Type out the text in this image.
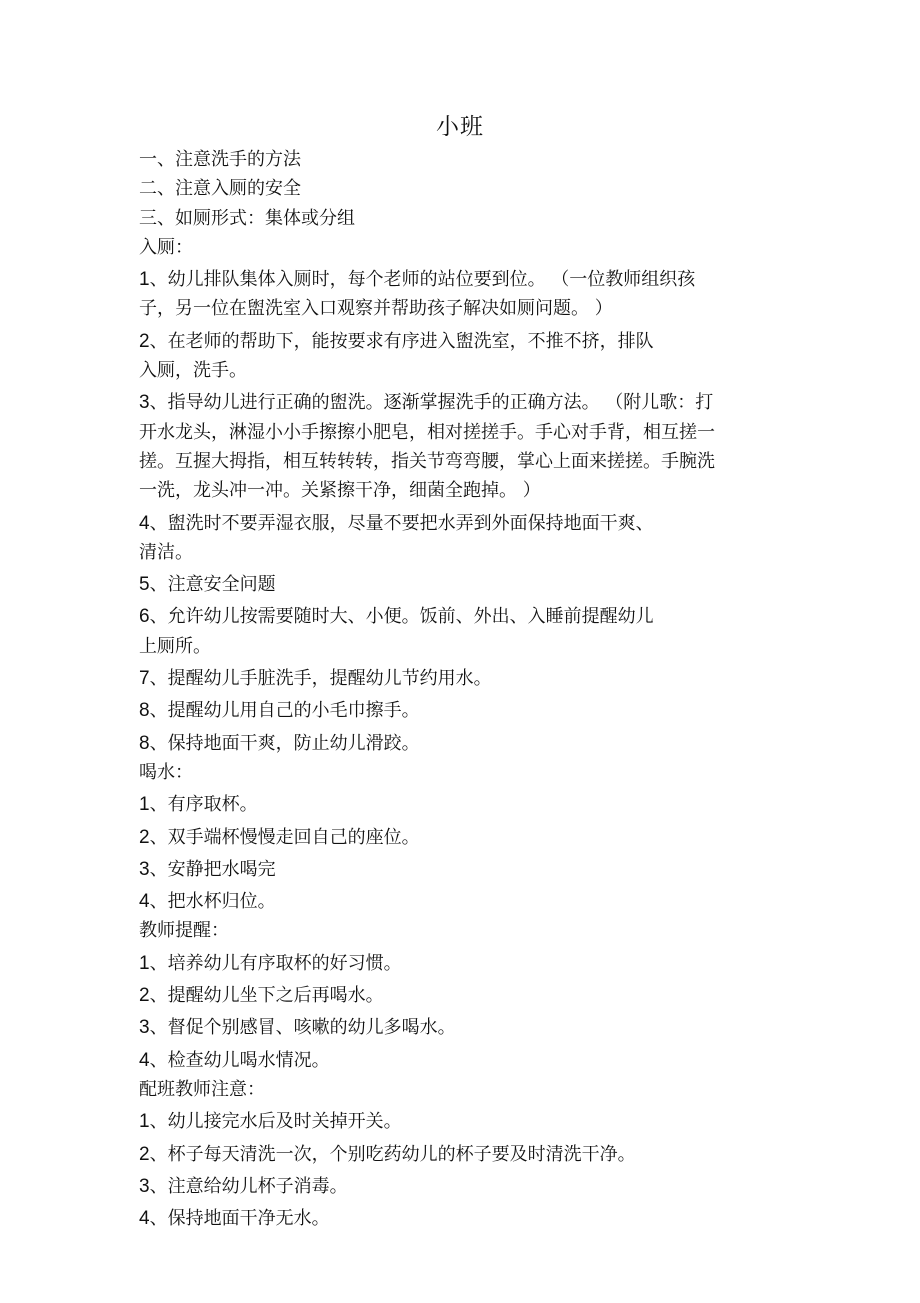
小班
一、注意洗手的方法
二、注意入厕的安全
三、如厕形式：集体或分组
入厕：
1、幼儿排队集体入厕时，每个老师的站位要到位。 （一位教师组织孩
子，另一位在盥洗室入口观察并帮助孩子解决如厕问题。 ）
2、在老师的帮助下，能按要求有序进入盥洗室，不推不挤，排队
入厕，洗手。
3、指导幼儿进行正确的盥洗。逐渐掌握洗手的正确方法。 （附儿歌：打
开水龙头，淋湿小小手擦擦小肥皂，相对搓搓手。手心对手背，相互搓一
搓。互握大拇指，相互转转转，指关节弯弯腰，掌心上面来搓搓。手腕洗
一洗，龙头冲一冲。关紧擦干净，细菌全跑掉。 ）
4、盥洗时不要弄湿衣服，尽量不要把水弄到外面保持地面干爽、
清洁。
5、注意安全问题
6、允许幼儿按需要随时大、小便。饭前、外出、入睡前提醒幼儿
上厕所。
7、提醒幼儿手脏洗手，提醒幼儿节约用水。
8、提醒幼儿用自己的小毛巾擦手。
8、保持地面干爽，防止幼儿滑跤。
喝水：
1、有序取杯。
2、双手端杯慢慢走回自己的座位。
3、安静把水喝完
4、把水杯归位。
教师提醒：
1、培养幼儿有序取杯的好习惯。
2、提醒幼儿坐下之后再喝水。
3、督促个别感冒、咳嗽的幼儿多喝水。
4、检查幼儿喝水情况。
配班教师注意：
1、幼儿接完水后及时关掉开关。
2、杯子每天清洗一次，个别吃药幼儿的杯子要及时清洗干净。
3、注意给幼儿杯子消毒。
4、保持地面干净无水。
